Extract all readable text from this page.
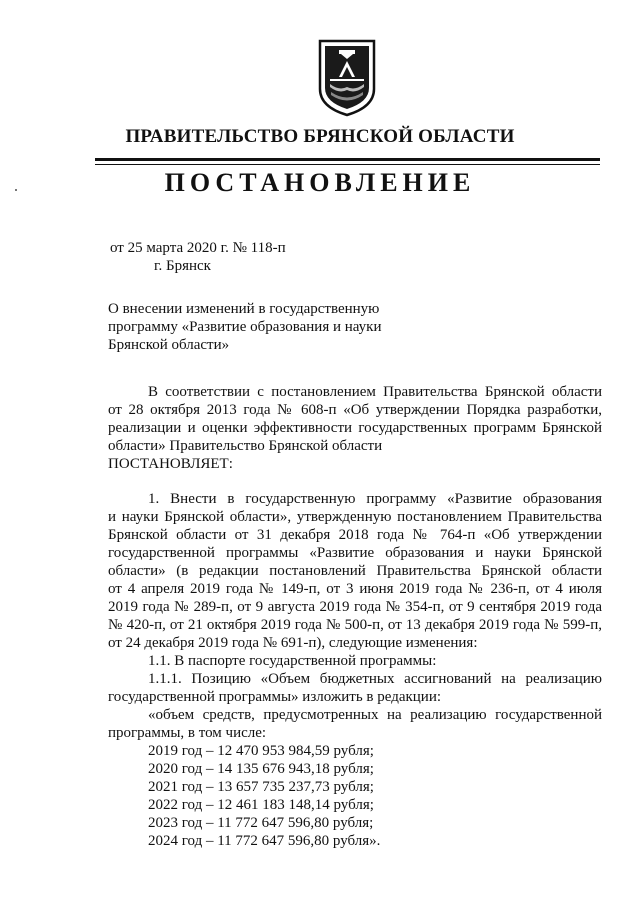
ПРАВИТЕЛЬСТВО БРЯНСКОЙ ОБЛАСТИ
ПОСТАНОВЛЕНИЕ
от 25 марта 2020 г. № 118-п
г. Брянск
О внесении изменений в государственную
программу «Развитие образования и науки
Брянской области»
В соответствии с постановлением Правительства Брянской области
от 28 октября 2013 года № 608-п «Об утверждении Порядка разработки,
реализации и оценки эффективности государственных программ Брянской
области» Правительство Брянской области
ПОСТАНОВЛЯЕТ:
1. Внести в государственную программу «Развитие образования
и науки Брянской области», утвержденную постановлением Правительства
Брянской области от 31 декабря 2018 года № 764-п «Об утверждении
государственной программы «Развитие образования и науки Брянской
области» (в редакции постановлений Правительства Брянской области
от 4 апреля 2019 года № 149-п, от 3 июня 2019 года № 236-п, от 4 июля
2019 года № 289-п, от 9 августа 2019 года № 354-п, от 9 сентября 2019 года
№ 420-п, от 21 октября 2019 года № 500-п, от 13 декабря 2019 года № 599-п,
от 24 декабря 2019 года № 691-п), следующие изменения:
1.1. В паспорте государственной программы:
1.1.1. Позицию «Объем бюджетных ассигнований на реализацию
государственной программы» изложить в редакции:
«объем средств, предусмотренных на реализацию государственной
программы, в том числе:
2019 год – 12 470 953 984,59 рубля;
2020 год – 14 135 676 943,18 рубля;
2021 год – 13 657 735 237,73 рубля;
2022 год – 12 461 183 148,14 рубля;
2023 год – 11 772 647 596,80 рубля;
2024 год – 11 772 647 596,80 рубля».
